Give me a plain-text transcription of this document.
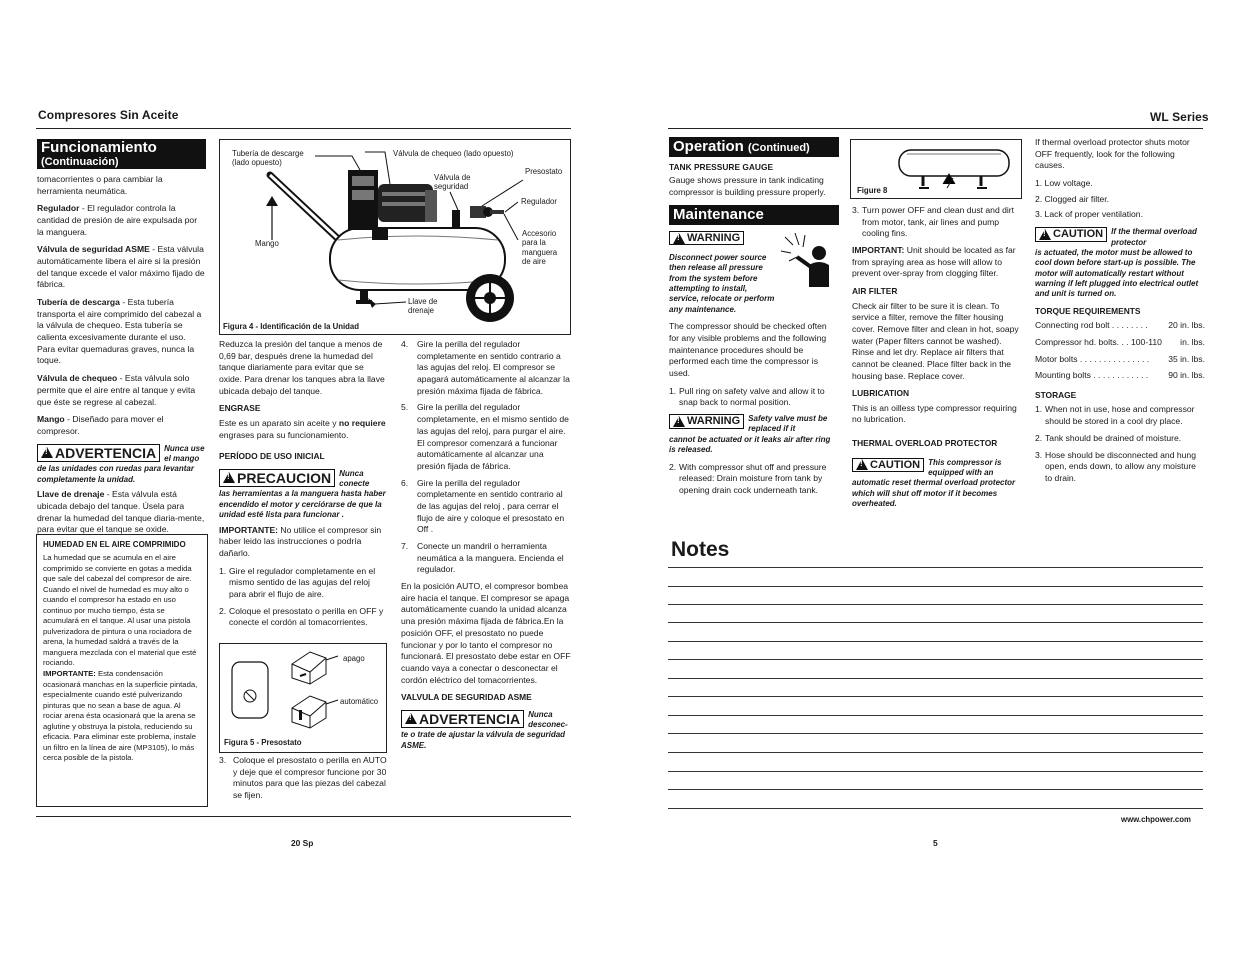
Compresores Sin Aceite
Funcionamiento
(Continuación)

tomacorrientes o para cambiar la herramienta neumática.

Regulador - El regulador controla la cantidad de presión de aire expulsada por la manguera.

Válvula de seguridad ASME - Esta válvula automáticamente libera el aire si la presión del tanque excede el valor máximo fijado de fábrica.

Tubería de descarga - Esta tubería transporta el aire comprimido del cabezal a la válvula de chequeo. Esta tubería se calienta excesivamente durante el uso. Para evitar quemaduras graves, nunca la toque.

Válvula de chequeo - Esta válvula solo permite que el aire entre al tanque y evita que éste se regrese al cabezal.

Mango - Diseñado para mover el compresor.

!
ADVERTENCIA Nunca use el mango
de las unidades con ruedas para levantar completamente la unidad.

Llave de drenaje - Esta válvula está ubicada debajo del tanque. Úsela para drenar la humedad del tanque diaria-mente, para evitar que el tanque se oxide.

HUMEDAD EN EL AIRE COMPRIMIDO
La humedad que se acumula en el aire comprimido se convierte en gotas a medida que sale del cabezal del compresor de aire. Cuando el nivel de humedad es muy alto o cuando el compresor ha estado en uso continuo por mucho tiempo, ésta se acumulará en el tanque. Al usar una pistola pulverizadora de pintura o una rociadora de arena, la humedad saldrá a través de la manguera mezclada con el material que esté rociando.
IMPORTANTE: Esta condensación ocasionará manchas en la superficie pintada, especialmente cuando esté pulverizando pinturas que no sean a base de agua. Al rociar arena ésta ocasionará que la arena se aglutine y obstruya la pistola, reduciendo su eficacia. Para eliminar este problema, instale un filtro en la línea de aire (MP3105), lo más cerca posible de la pistola.
Tubería de descarge
(lado opuesto)
Válvula de chequeo (lado opuesto)
Válvula de
seguridad
Presostato
Regulador
Mango
Accesorio
para la
manguera
de aire
Llave de
drenaje
Figura 4 - Identificación de la Unidad

Reduzca la presión del tanque a menos de 0,69 bar, después drene la humedad del tanque diariamente para evitar que se oxide. Para drenar los tanques abra la llave ubicada debajo del tanque.

ENGRASE

Este es un aparato sin aceite y no requiere engrases para su funcionamiento.

PERÍODO DE USO INICIAL
!
PRECAUCION Nunca conecte
las herramientas a la manguera hasta haber encendido el motor y cerciórarse de que la unidad esté lista para funcionar .

IMPORTANTE: No utilice el compresor sin haber leido las instrucciones o podría dañarlo.

1. Gire el regulador completamente en el mismo sentido de las agujas del reloj para abrir el flujo de aire.
2. Coloque el presostato o perilla en OFF y conecte el cordón al tomacorrientes.
apago
automático
Figura 5 - Presostato
3. Coloque el presostato o perilla en AUTO y deje que el compresor funcione por 30 minutos para que las piezas del cabezal se fijen.
4.	Gire la perilla del regulador completamente en sentido contrario a las agujas del reloj. El compresor se apagará automáticamente al alcanzar la presión máxima fijada de fábrica.
5.	Gire la perilla del regulador completamente, en el mismo sentido de las agujas del reloj, para purgar el aire. El compresor comenzará a funcionar automáticamente al alcanzar una presión fijada de fábrica.
6.	Gire la perilla del regulador completamente en sentido contrario al de las agujas del reloj , para cerrar el flujo de aire y coloque el presostato en Off .
7.	Conecte un mandril o herramienta neumática a la manguera. Encienda el regulador.

En la posición AUTO, el compresor bombea aire hacia el tanque. El compresor se apaga automáticamente cuando la unidad alcanza una presión máxima fijada de fábrica.En la posición OFF, el presostato no puede funcionar y por lo tanto el compresor no funcionará. El presostato debe estar en OFF cuando vaya a conectar o desconectar el cordón eléctrico del tomacorrientes.

VALVULA DE SEGURIDAD ASME
!
ADVERTENCIA Nunca desconec-
te o trate de ajustar la válvula de seguridad ASME.
20 Sp
WL Series
Operation (Continued)
TANK PRESSURE GAUGE

Gauge shows pressure in tank indicating compressor is building pressure properly.

Maintenance
!
WARNING
Disconnect power source then release all pressure from the system before attempting to install, service, relocate or perform any maintenance.

The compressor should be checked often for any visible problems and the following maintenance procedures should be performed each time the compressor is used.

1. Pull ring on safety valve and allow it to snap back to normal position.
!
WARNING Safety valve must be replaced if it
cannot be actuated or it leaks air after ring is released.
2. With compressor shut off and pressure released: Drain moisture from tank by opening drain cock underneath tank.
Figure 8
3. Turn power OFF and clean dust and dirt from motor, tank, air lines and pump cooling fins.

IMPORTANT: Unit should be located as far from spraying area as hose will allow to prevent over-spray from clogging filter.

AIR FILTER

Check air filter to be sure it is clean. To service a filter, remove the filter housing cover. Remove filter and clean in hot, soapy water (Paper filters cannot be washed). Rinse and let dry. Replace air filters that cannot be cleaned. Place filter back in the housing base. Replace cover.

LUBRICATION

This is an oilless type compressor requiring no lubrication.

THERMAL OVERLOAD PROTECTOR
!
CAUTION This compressor is equipped with an
automatic reset thermal overload protector which will shut off motor if it becomes overheated.

If thermal overload protector shuts motor OFF frequently, look for the following causes.

1. Low voltage.

2. Clogged air filter.

3. Lack of proper ventilation.

!
CAUTION If the thermal overload protector
is actuated, the motor must be allowed to cool down before start-up is possible. The motor will automatically restart without warning if left plugged into electrical outlet and unit is turned on.
TORQUE REQUIREMENTS
Connecting rod bolt . . . . . . . . 20 in. lbs.
Compressor hd. bolts. . . 100-110 in. lbs.
Motor bolts . . . . . . . . . . . . . . . 35 in. lbs.
Mounting bolts . . . . . . . . . . . . 90 in. lbs.
STORAGE
1. When not in use, hose and compressor should be stored in a cool dry place.
2. Tank should be drained of moisture.
3. Hose should be disconnected and hung open, ends down, to allow any moisture to drain.
Notes
www.chpower.com
5
